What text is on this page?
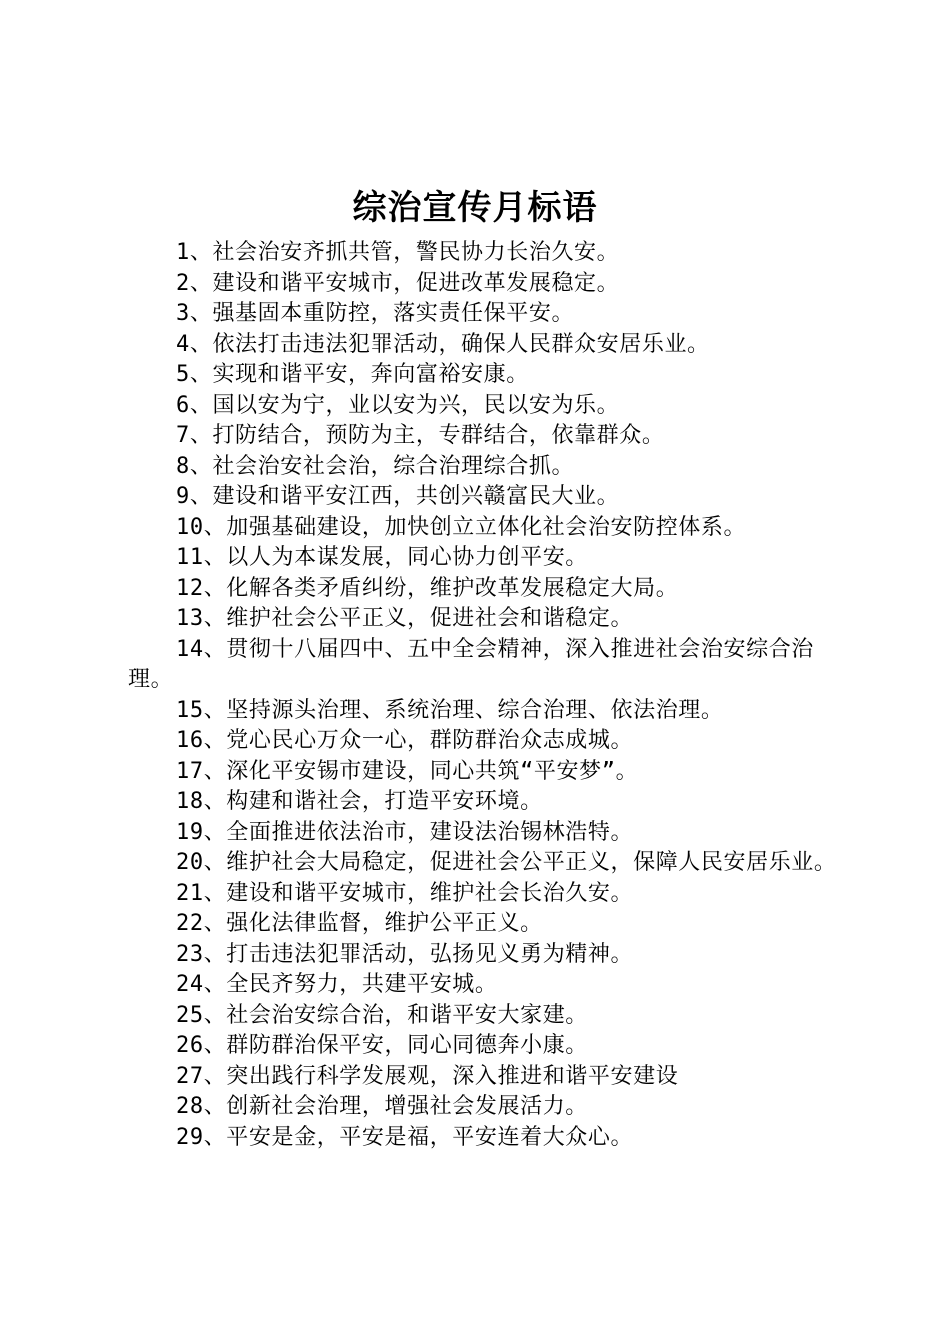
综治宣传月标语
1、社会治安齐抓共管，警民协力长治久安。
2、建设和谐平安城市，促进改革发展稳定。
3、强基固本重防控，落实责任保平安。
4、依法打击违法犯罪活动，确保人民群众安居乐业。
5、实现和谐平安，奔向富裕安康。
6、国以安为宁，业以安为兴，民以安为乐。
7、打防结合，预防为主，专群结合，依靠群众。
8、社会治安社会治，综合治理综合抓。
9、建设和谐平安江西，共创兴赣富民大业。
10、加强基础建设，加快创立立体化社会治安防控体系。
11、以人为本谋发展，同心协力创平安。
12、化解各类矛盾纠纷，维护改革发展稳定大局。
13、维护社会公平正义，促进社会和谐稳定。
14、贯彻十八届四中、五中全会精神，深入推进社会治安综合治理。
15、坚持源头治理、系统治理、综合治理、依法治理。
16、党心民心万众一心，群防群治众志成城。
17、深化平安锡市建设，同心共筑“平安梦”。
18、构建和谐社会，打造平安环境。
19、全面推进依法治市，建设法治锡林浩特。
20、维护社会大局稳定，促进社会公平正义，保障人民安居乐业。
21、建设和谐平安城市，维护社会长治久安。
22、强化法律监督，维护公平正义。
23、打击违法犯罪活动，弘扬见义勇为精神。
24、全民齐努力，共建平安城。
25、社会治安综合治，和谐平安大家建。
26、群防群治保平安，同心同德奔小康。
27、突出践行科学发展观，深入推进和谐平安建设
28、创新社会治理，增强社会发展活力。
29、平安是金，平安是福，平安连着大众心。
